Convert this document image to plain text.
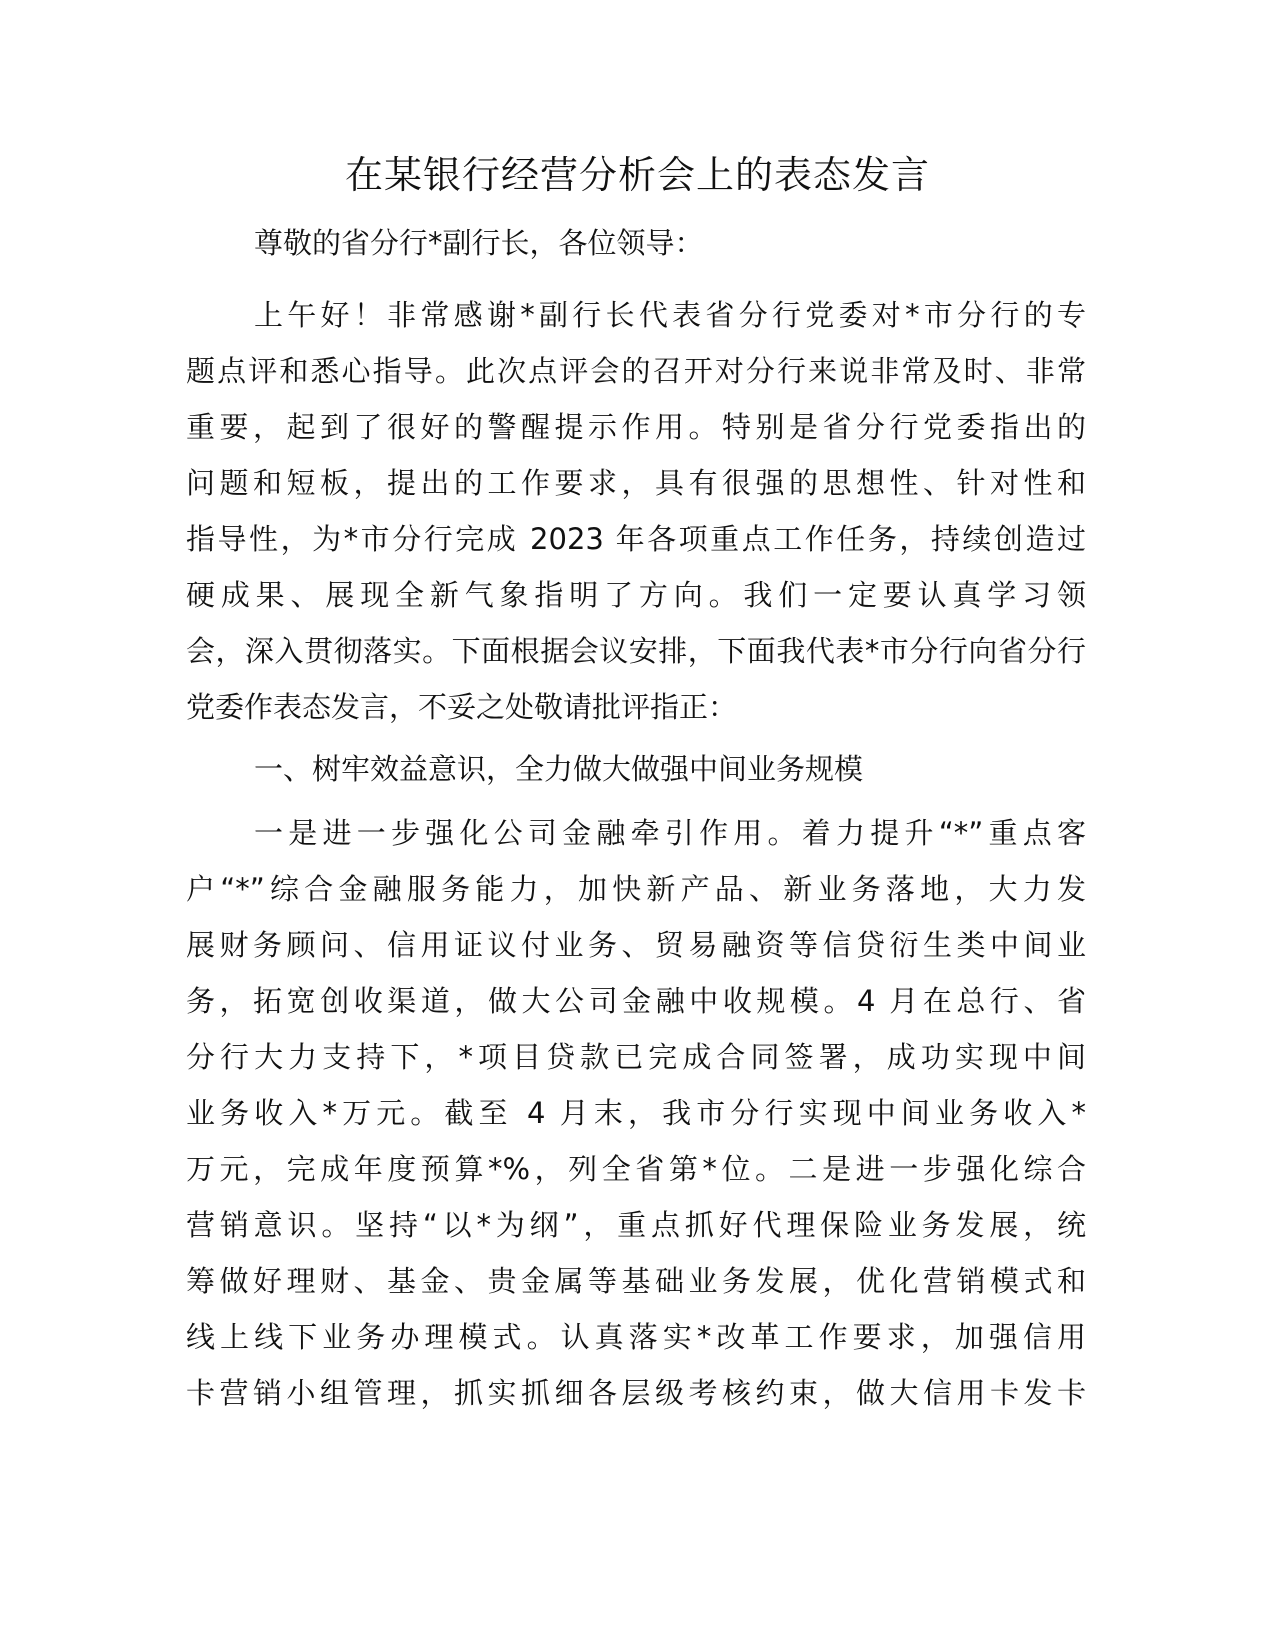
在某银行经营分析会上的表态发言
尊敬的省分行*副行长，各位领导：
上午好！非常感谢*副行长代表省分行党委对*市分行的专
题点评和悉心指导。此次点评会的召开对分行来说非常及时、非常
重要，起到了很好的警醒提示作用。特别是省分行党委指出的
问题和短板，提出的工作要求，具有很强的思想性、针对性和
指导性，为*市分行完成 2023 年各项重点工作任务，持续创造过
硬成果、展现全新气象指明了方向。我们一定要认真学习领
会，深入贯彻落实。下面根据会议安排，下面我代表*市分行向省分行
党委作表态发言，不妥之处敬请批评指正：
一、树牢效益意识，全力做大做强中间业务规模
一是进一步强化公司金融牵引作用。着力提升“*”重点客
户“*”综合金融服务能力，加快新产品、新业务落地，大力发
展财务顾问、信用证议付业务、贸易融资等信贷衍生类中间业
务，拓宽创收渠道，做大公司金融中收规模。4 月在总行、省
分行大力支持下，*项目贷款已完成合同签署，成功实现中间
业务收入*万元。截至 4 月末，我市分行实现中间业务收入*
万元，完成年度预算*%，列全省第*位。二是进一步强化综合
营销意识。坚持“以*为纲”，重点抓好代理保险业务发展，统
筹做好理财、基金、贵金属等基础业务发展，优化营销模式和
线上线下业务办理模式。认真落实*改革工作要求，加强信用
卡营销小组管理，抓实抓细各层级考核约束，做大信用卡发卡
